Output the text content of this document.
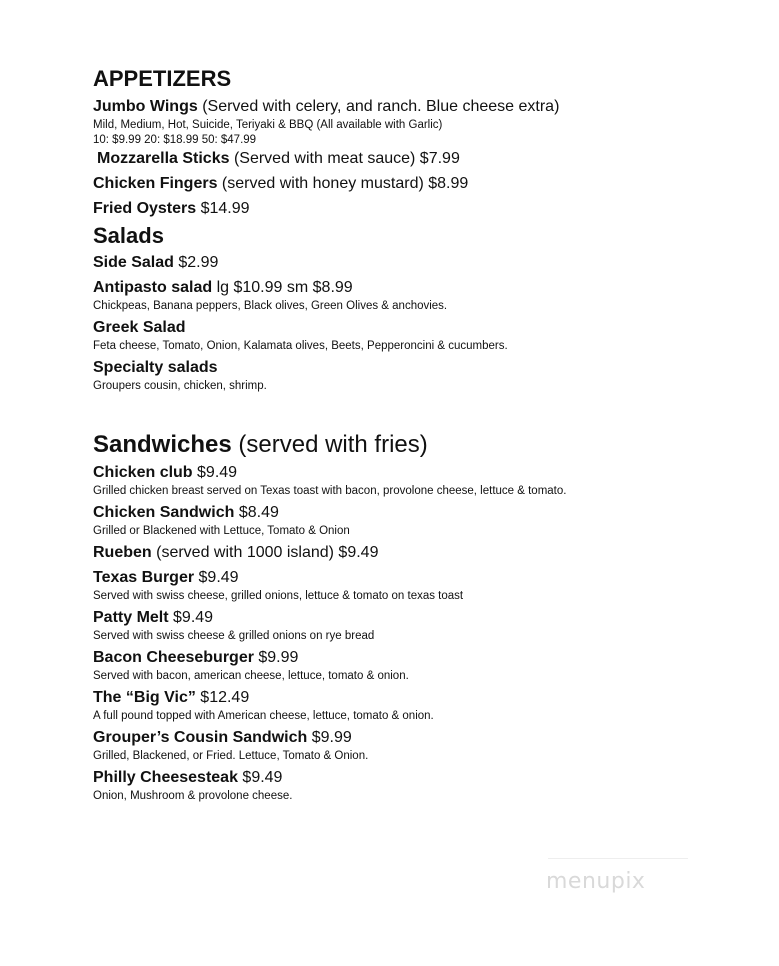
APPETIZERS

Jumbo Wings (Served with celery, and ranch. Blue cheese extra)

Mild, Medium, Hot, Suicide, Teriyaki & BBQ (All available with Garlic)

10: $9.99 20: $18.99 50: $47.99

Mozzarella Sticks (Served with meat sauce) $7.99

Chicken Fingers (served with honey mustard) $8.99

Fried Oysters $14.99

Salads

Side Salad $2.99

Antipasto salad lg $10.99 sm $8.99

Chickpeas, Banana peppers, Black olives, Green Olives & anchovies.

Greek Salad

Feta cheese, Tomato, Onion, Kalamata olives, Beets, Pepperoncini & cucumbers.

Specialty salads

Groupers cousin, chicken, shrimp.

Sandwiches (served with fries)

Chicken club $9.49

Grilled chicken breast served on Texas toast with bacon, provolone cheese, lettuce & tomato.

Chicken Sandwich $8.49

Grilled or Blackened with Lettuce, Tomato & Onion

Rueben (served with 1000 island) $9.49

Texas Burger $9.49

Served with swiss cheese, grilled onions, lettuce & tomato on texas toast

Patty Melt $9.49

Served with swiss cheese & grilled onions on rye bread

Bacon Cheeseburger $9.99

Served with bacon, american cheese, lettuce, tomato & onion.

The “Big Vic” $12.49

A full pound topped with American cheese, lettuce, tomato & onion.

Grouper’s Cousin Sandwich $9.99

Grilled, Blackened, or Fried. Lettuce, Tomato & Onion.

Philly Cheesesteak $9.49

Onion, Mushroom & provolone cheese.

menupix
